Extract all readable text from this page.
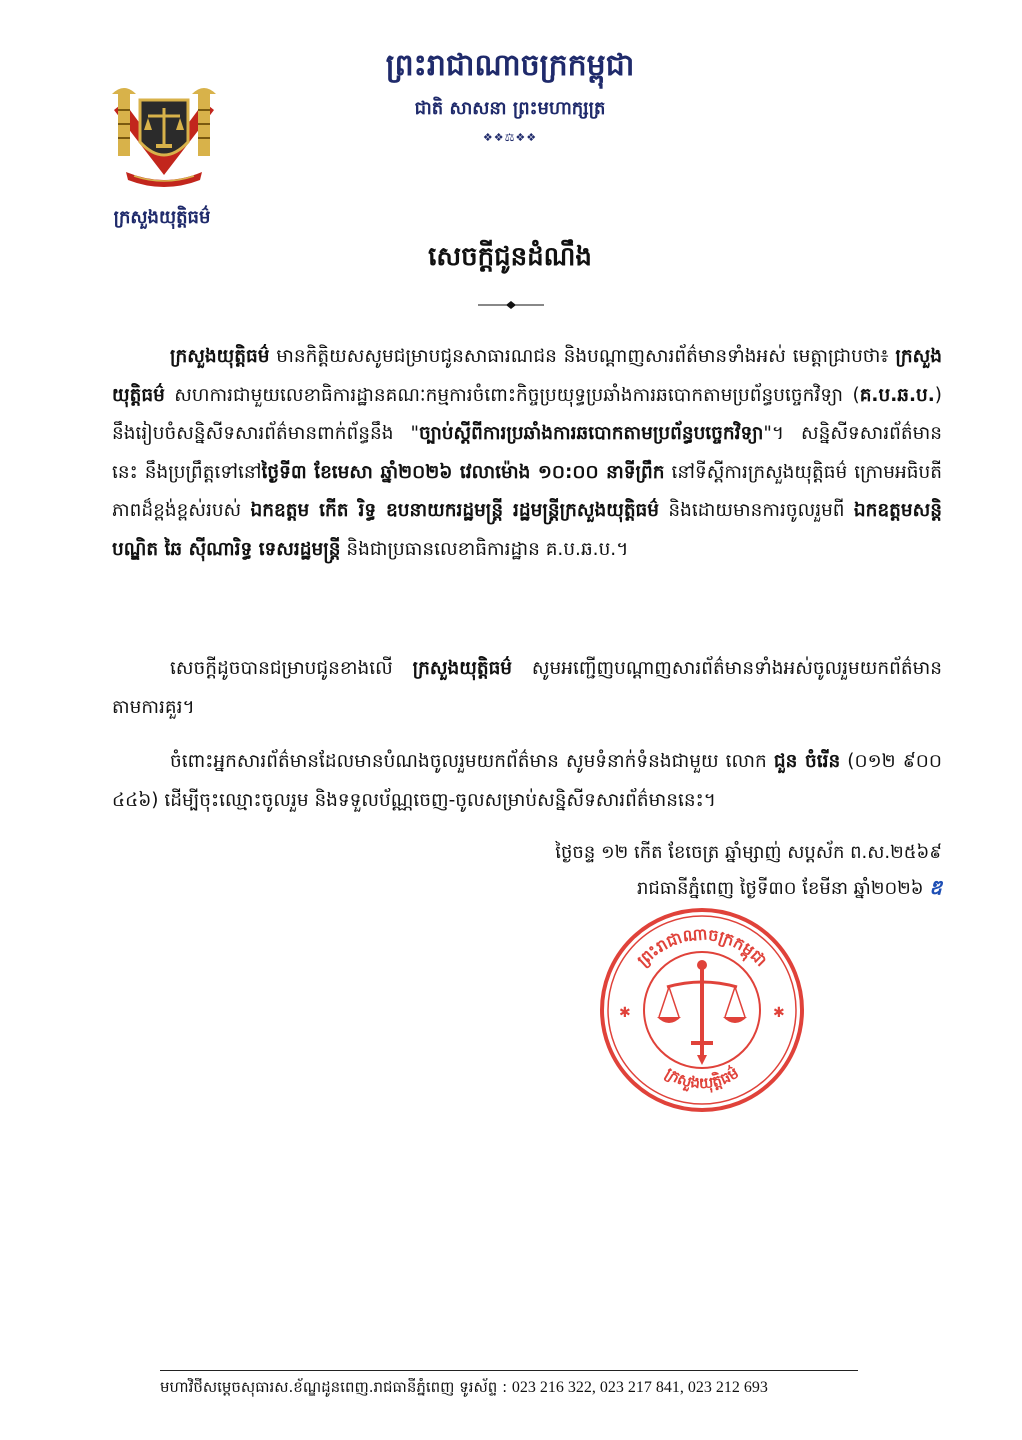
ក្រសួងយុត្តិធម៌
ព្រះរាជាណាចក្រកម្ពុជា
ជាតិ សាសនា ព្រះមហាក្សត្រ
❖❖⚖❖❖
សេចក្តីជូនដំណឹង
ក្រសួងយុត្តិធម៌ មានកិត្តិយសសូមជម្រាបជូនសាធារណជន និងបណ្តាញសារព័ត៌មានទាំងអស់ មេត្តាជ្រាបថា៖ ក្រសួងយុត្តិធម៌ សហការជាមួយលេខាធិការដ្ឋានគណៈកម្មការចំពោះកិច្ចប្រយុទ្ធប្រឆាំងការឆបោកតាមប្រព័ន្ធបច្ចេកវិទ្យា (គ.ប.ឆ.ប.) នឹងរៀបចំសន្និសីទសារព័ត៌មានពាក់ព័ន្ធនឹង "ច្បាប់ស្តីពីការប្រឆាំងការឆបោកតាមប្រព័ន្ធបច្ចេកវិទ្យា"។ សន្និសីទសារព័ត៌មាននេះ នឹងប្រព្រឹត្តទៅនៅថ្ងៃទី៣ ខែមេសា ឆ្នាំ២០២៦ វេលាម៉ោង ១០:០០ នាទីព្រឹក នៅទីស្តីការក្រសួងយុត្តិធម៌ ក្រោមអធិបតីភាពដ៏ខ្ពង់ខ្ពស់របស់ ឯកឧត្តម កើត រិទ្ធ ឧបនាយករដ្ឋមន្ត្រី រដ្ឋមន្ត្រីក្រសួងយុត្តិធម៌ និងដោយមានការចូលរួមពី ឯកឧត្តមសន្តិបណ្ឌិត ឆៃ ស៊ីណារិទ្ធ ទេសរដ្ឋមន្ត្រី និងជាប្រធានលេខាធិការដ្ឋាន គ.ប.ឆ.ប.។
សេចក្តីដូចបានជម្រាបជូនខាងលើ ក្រសួងយុត្តិធម៌ សូមអញ្ជើញបណ្តាញសារព័ត៌មានទាំងអស់ចូលរួមយកព័ត៌មានតាមការគួរ។
ចំពោះអ្នកសារព័ត៌មានដែលមានបំណងចូលរួមយកព័ត៌មាន សូមទំនាក់ទំនងជាមួយ លោក ជួន ចំរើន (០១២ ៩០០ ៤៤៦) ដើម្បីចុះឈ្មោះចូលរួម និងទទួលប័ណ្ណចេញ-ចូលសម្រាប់សន្និសីទសារព័ត៌មាននេះ។
ថ្ងៃចន្ទ ១២ កើត ខែចេត្រ ឆ្នាំម្សាញ់ សប្តស័ក ព.ស.២៥៦៩
រាជធានីភ្នំពេញ ថ្ងៃទី៣០ ខែមីនា ឆ្នាំ២០២៦ ឌ
ព្រះរាជាណាចក្រកម្ពុជា
ក្រសួងយុត្តិធម៌
✱	✱
មហាវិថីសម្តេចសុធារស.ខ័ណ្ឌដូនពេញ.រាជធានីភ្នំពេញ ទូរស័ព្ទ : 023 216 322, 023 217 841, 023 212 693
